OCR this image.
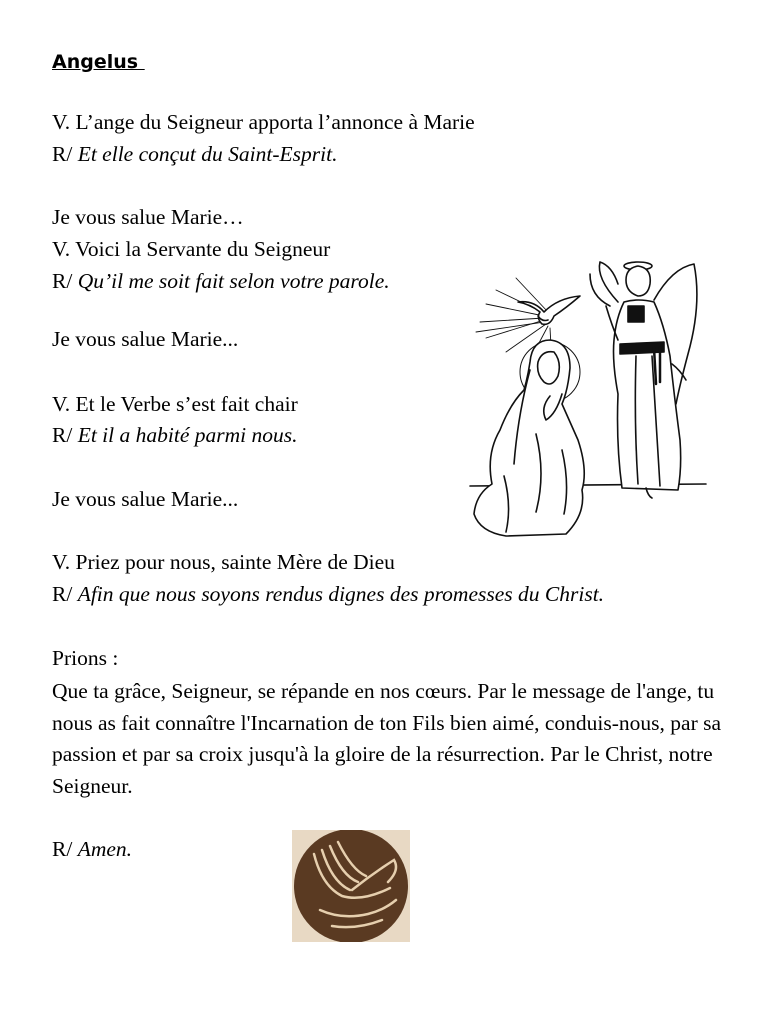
Angelus
V. L’ange du Seigneur apporta l’annonce à Marie
R/ Et elle conçut du Saint-Esprit.
Je vous salue Marie…
V. Voici la Servante du Seigneur
R/ Qu’il me soit fait selon votre parole.
Je vous salue Marie...
V. Et le Verbe s’est fait chair
R/ Et il a habité parmi nous.
Je vous salue Marie...
V. Priez pour nous, sainte Mère de Dieu
R/ Afin que nous soyons rendus dignes des promesses du Christ.
Prions :
Que ta grâce, Seigneur, se répande en nos cœurs. Par le message de l'ange, tu nous as fait connaître l'Incarnation de ton Fils bien aimé, conduis-nous, par sa passion et par sa croix jusqu'à la gloire de la résurrection. Par le Christ, notre Seigneur.
R/ Amen.
